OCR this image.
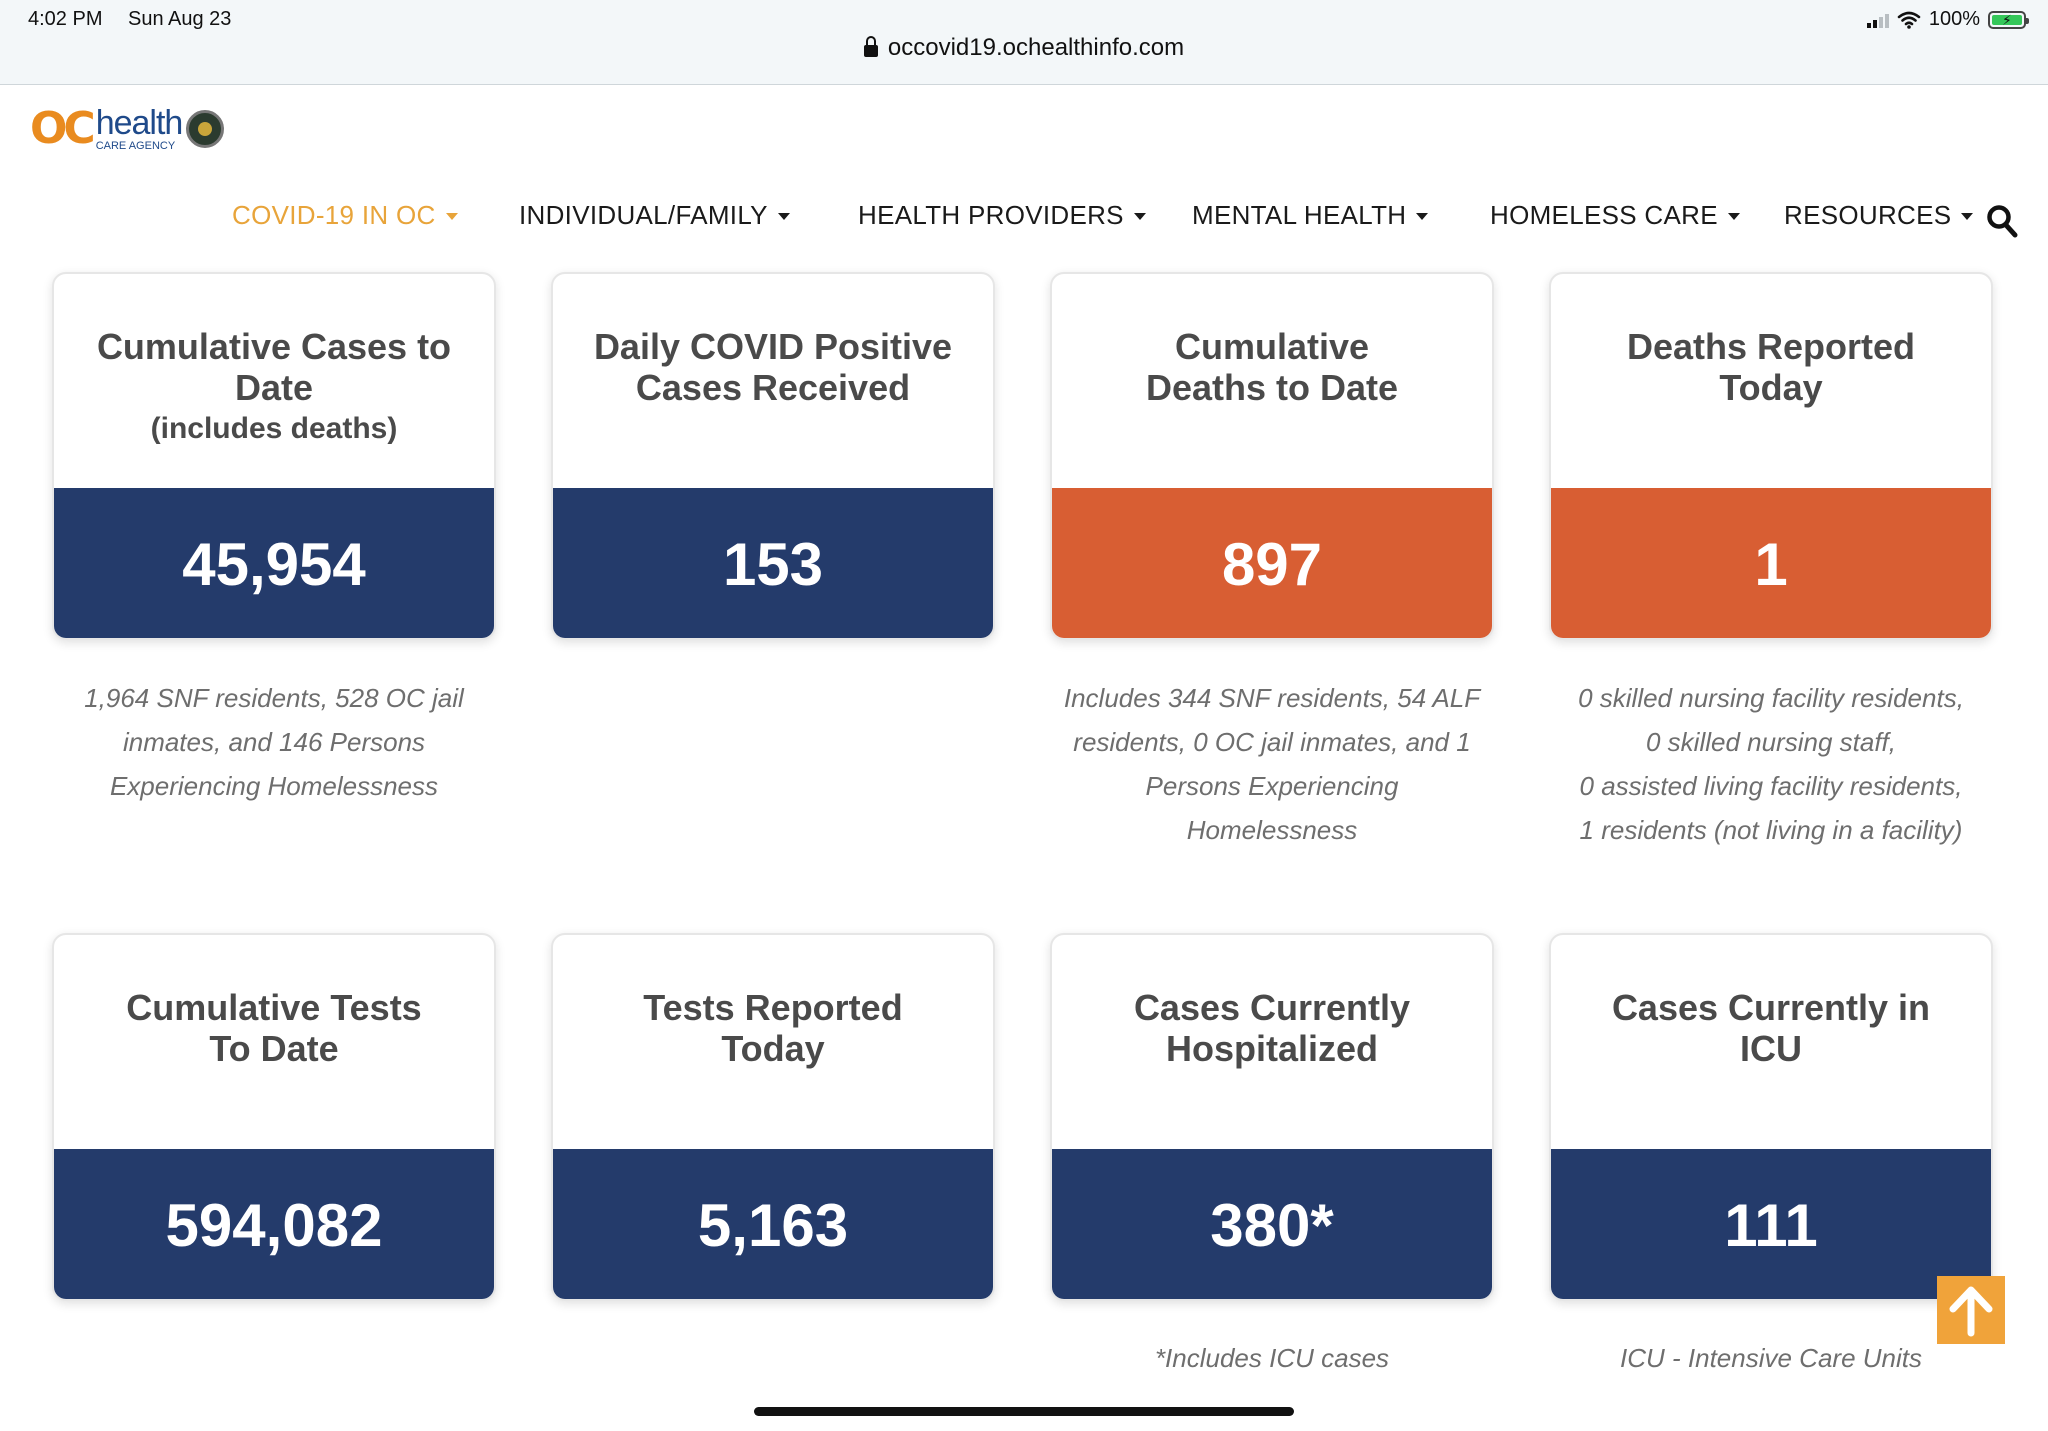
4:02 PM Sun Aug 23	100% ⚡
occovid19.ochealthinfo.com
OC health
CARE AGENCY
COVID-19 IN OC	INDIVIDUAL/FAMILY	HEALTH PROVIDERS	MENTAL HEALTH	HOMELESS CARE	RESOURCES
Cumulative Cases to Date
(includes deaths)
45,954
Daily COVID Positive Cases Received
153
Cumulative Deaths to Date
897
Deaths Reported Today
1
1,964 SNF residents, 528 OC jail
inmates, and 146 Persons
Experiencing Homelessness
Includes 344 SNF residents, 54 ALF
residents, 0 OC jail inmates, and 1
Persons Experiencing
Homelessness
0 skilled nursing facility residents,
0 skilled nursing staff,
0 assisted living facility residents,
1 residents (not living in a facility)
Cumulative Tests To Date
594,082
Tests Reported Today
5,163
Cases Currently Hospitalized
380*
Cases Currently in ICU
111
*Includes ICU cases	ICU - Intensive Care Units
